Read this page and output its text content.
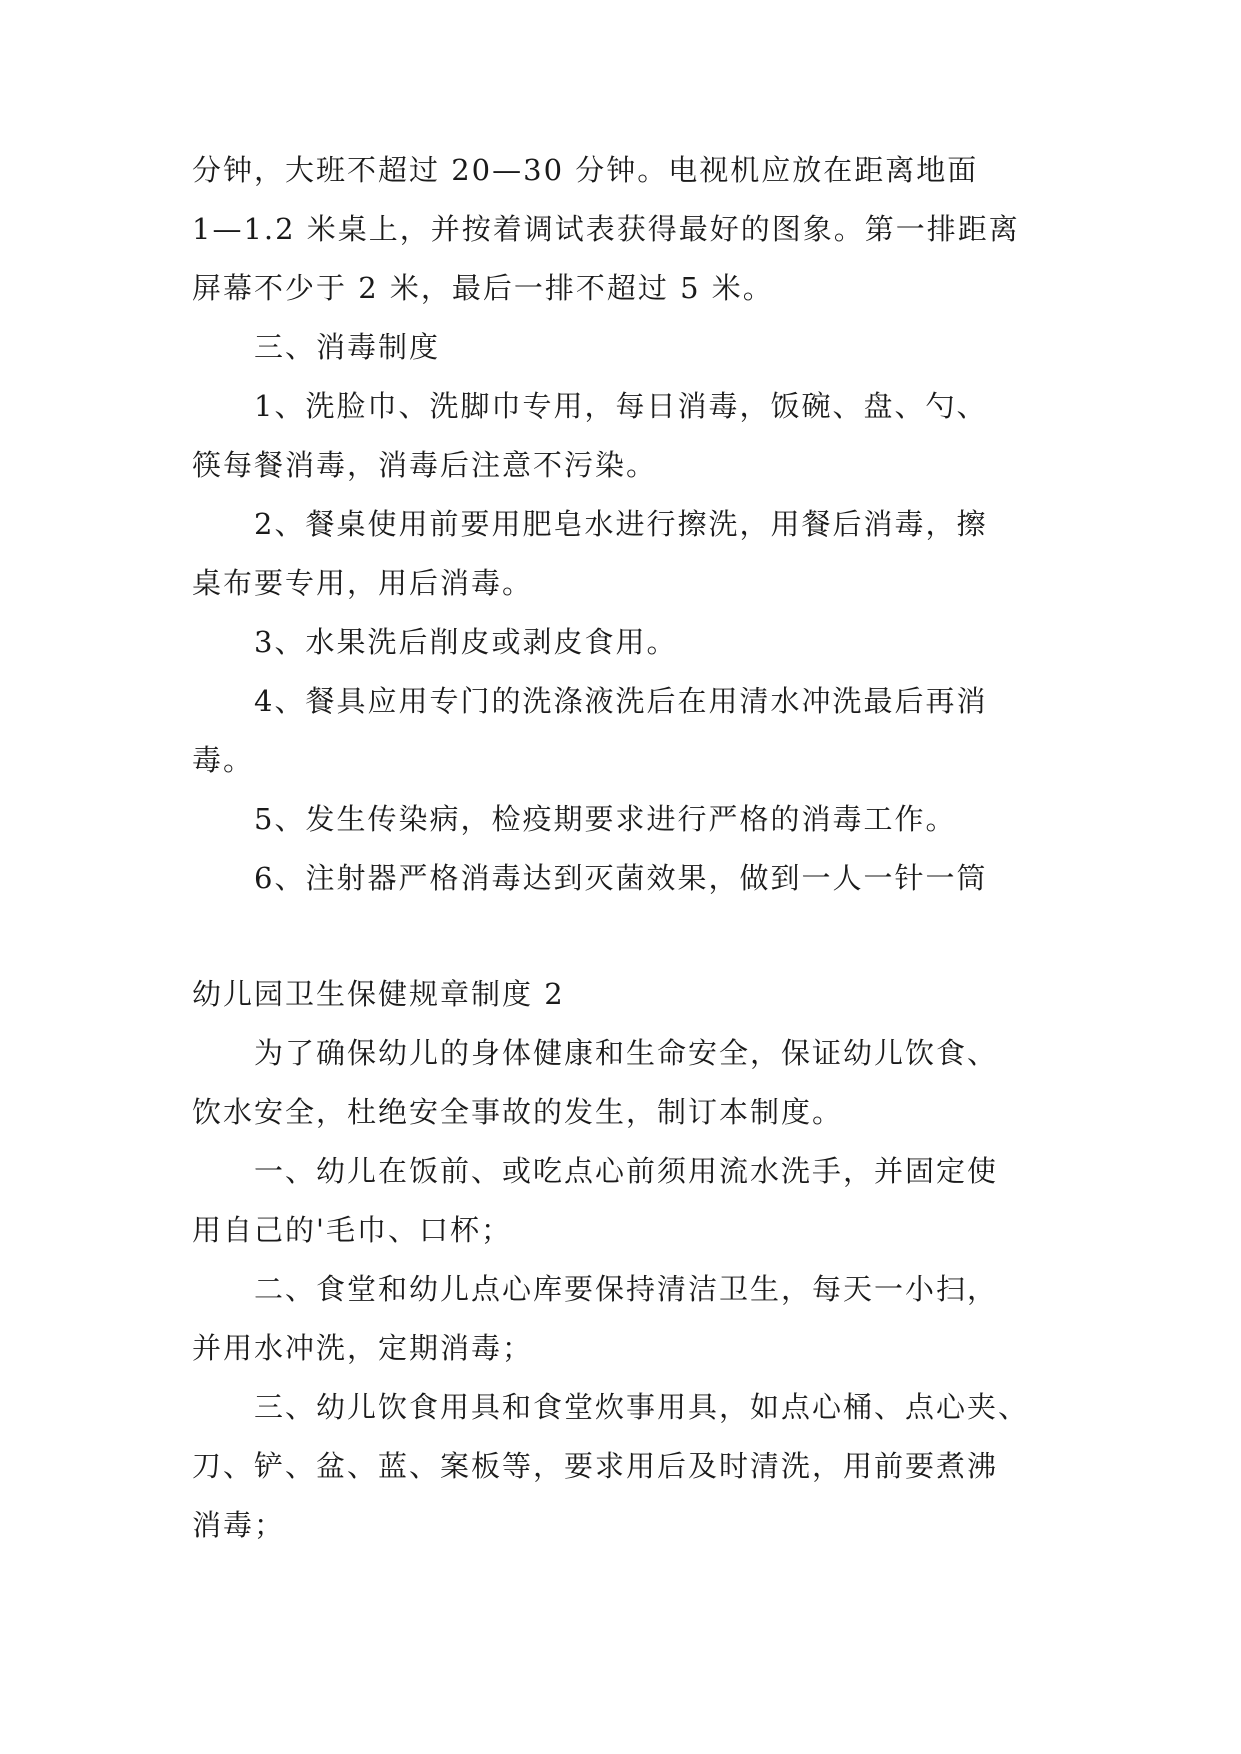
分钟，大班不超过 20—30 分钟。电视机应放在距离地面
1—1.2 米桌上，并按着调试表获得最好的图象。第一排距离
屏幕不少于 2 米，最后一排不超过 5 米。
三、消毒制度
1、洗脸巾、洗脚巾专用，每日消毒，饭碗、盘、勺、
筷每餐消毒，消毒后注意不污染。
2、餐桌使用前要用肥皂水进行擦洗，用餐后消毒，擦
桌布要专用，用后消毒。
3、水果洗后削皮或剥皮食用。
4、餐具应用专门的洗涤液洗后在用清水冲洗最后再消
毒。
5、发生传染病，检疫期要求进行严格的消毒工作。
6、注射器严格消毒达到灭菌效果，做到一人一针一筒
幼儿园卫生保健规章制度 2
为了确保幼儿的身体健康和生命安全，保证幼儿饮食、
饮水安全，杜绝安全事故的发生，制订本制度。
一、幼儿在饭前、或吃点心前须用流水洗手，并固定使
用自己的'毛巾、口杯；
二、食堂和幼儿点心库要保持清洁卫生，每天一小扫，
并用水冲洗，定期消毒；
三、幼儿饮食用具和食堂炊事用具，如点心桶、点心夹、
刀、铲、盆、蓝、案板等，要求用后及时清洗，用前要煮沸
消毒；
